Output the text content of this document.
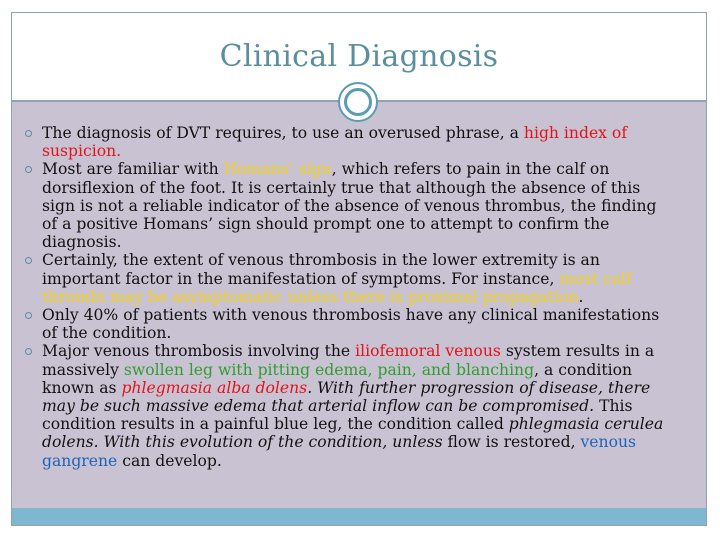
Clinical Diagnosis
The diagnosis of DVT requires, to use an overused phrase, a high index of suspicion.
Most are familiar with Homans’ sign, which refers to pain in the calf on dorsiflexion of the foot. It is certainly true that although the absence of this sign is not a reliable indicator of the absence of venous thrombus, the finding of a positive Homans’ sign should prompt one to attempt to confirm the diagnosis.
Certainly, the extent of venous thrombosis in the lower extremity is an important factor in the manifestation of symptoms. For instance, most calf thrombi may be asymptomatic unless there is proximal propagation.
Only 40% of patients with venous thrombosis have any clinical manifestations of the condition.
Major venous thrombosis involving the iliofemoral venous system results in a massively swollen leg with pitting edema, pain, and blanching, a condition known as phlegmasia alba dolens. With further progression of disease, there may be such massive edema that arterial inflow can be compromised. This condition results in a painful blue leg, the condition called phlegmasia cerulea dolens. With this evolution of the condition, unless flow is restored, venous gangrene can develop.
